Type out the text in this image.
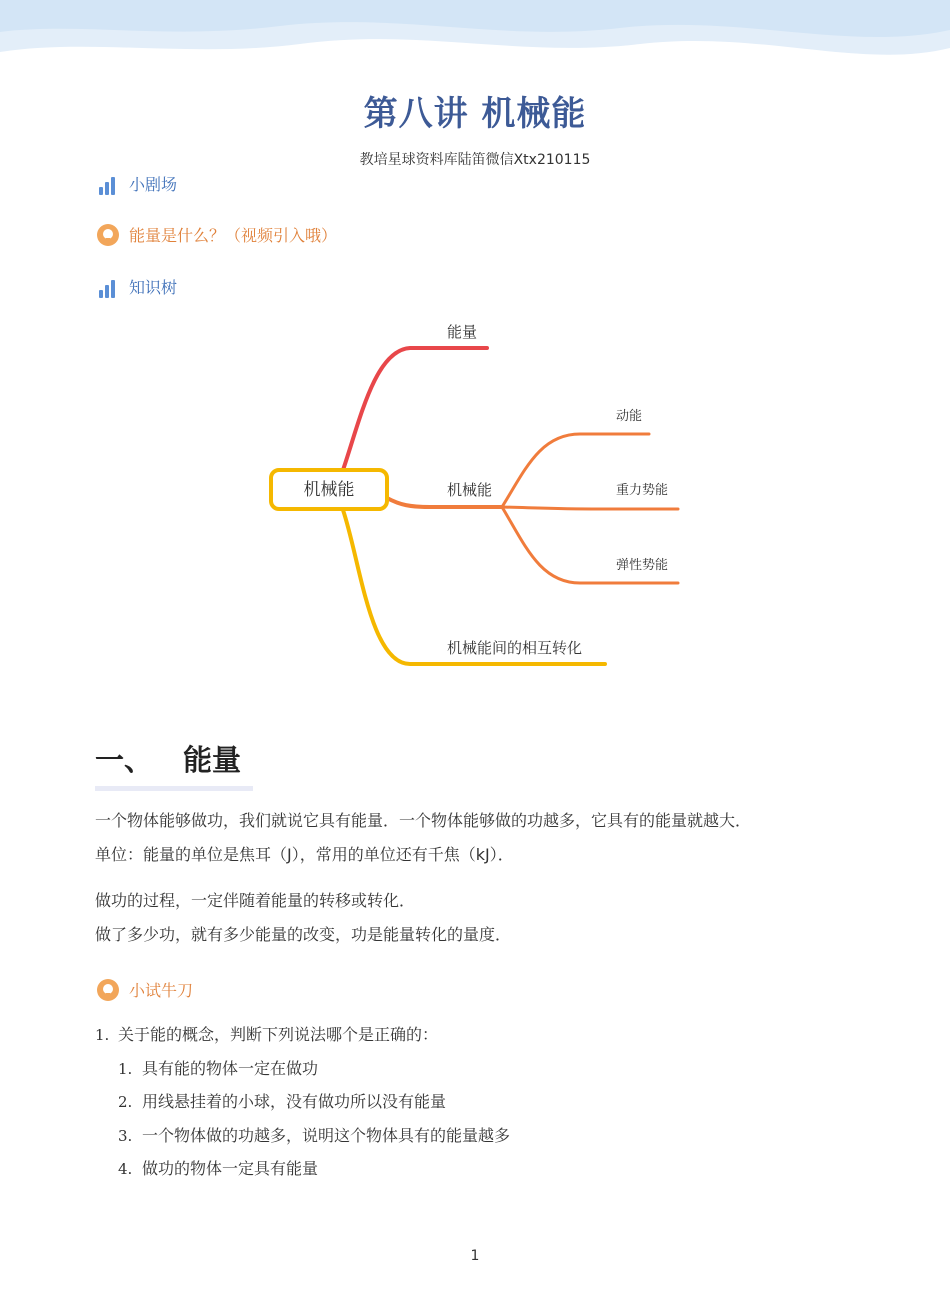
第八讲 机械能
教培星球资料库陆笛微信Xtx210115
小剧场
能量是什么？（视频引入哦）
知识树
机械能
能量
机械能
动能
重力势能
弹性势能
机械能间的相互转化
一、 能量
一个物体能够做功，我们就说它具有能量．一个物体能够做的功越多，它具有的能量就越大．
单位：能量的单位是焦耳（J），常用的单位还有千焦（kJ）．
做功的过程，一定伴随着能量的转移或转化．
做了多少功，就有多少能量的改变，功是能量转化的量度．
小试牛刀
1. 关于能的概念，判断下列说法哪个是正确的：
1. 具有能的物体一定在做功
2. 用线悬挂着的小球，没有做功所以没有能量
3. 一个物体做的功越多，说明这个物体具有的能量越多
4. 做功的物体一定具有能量
1
